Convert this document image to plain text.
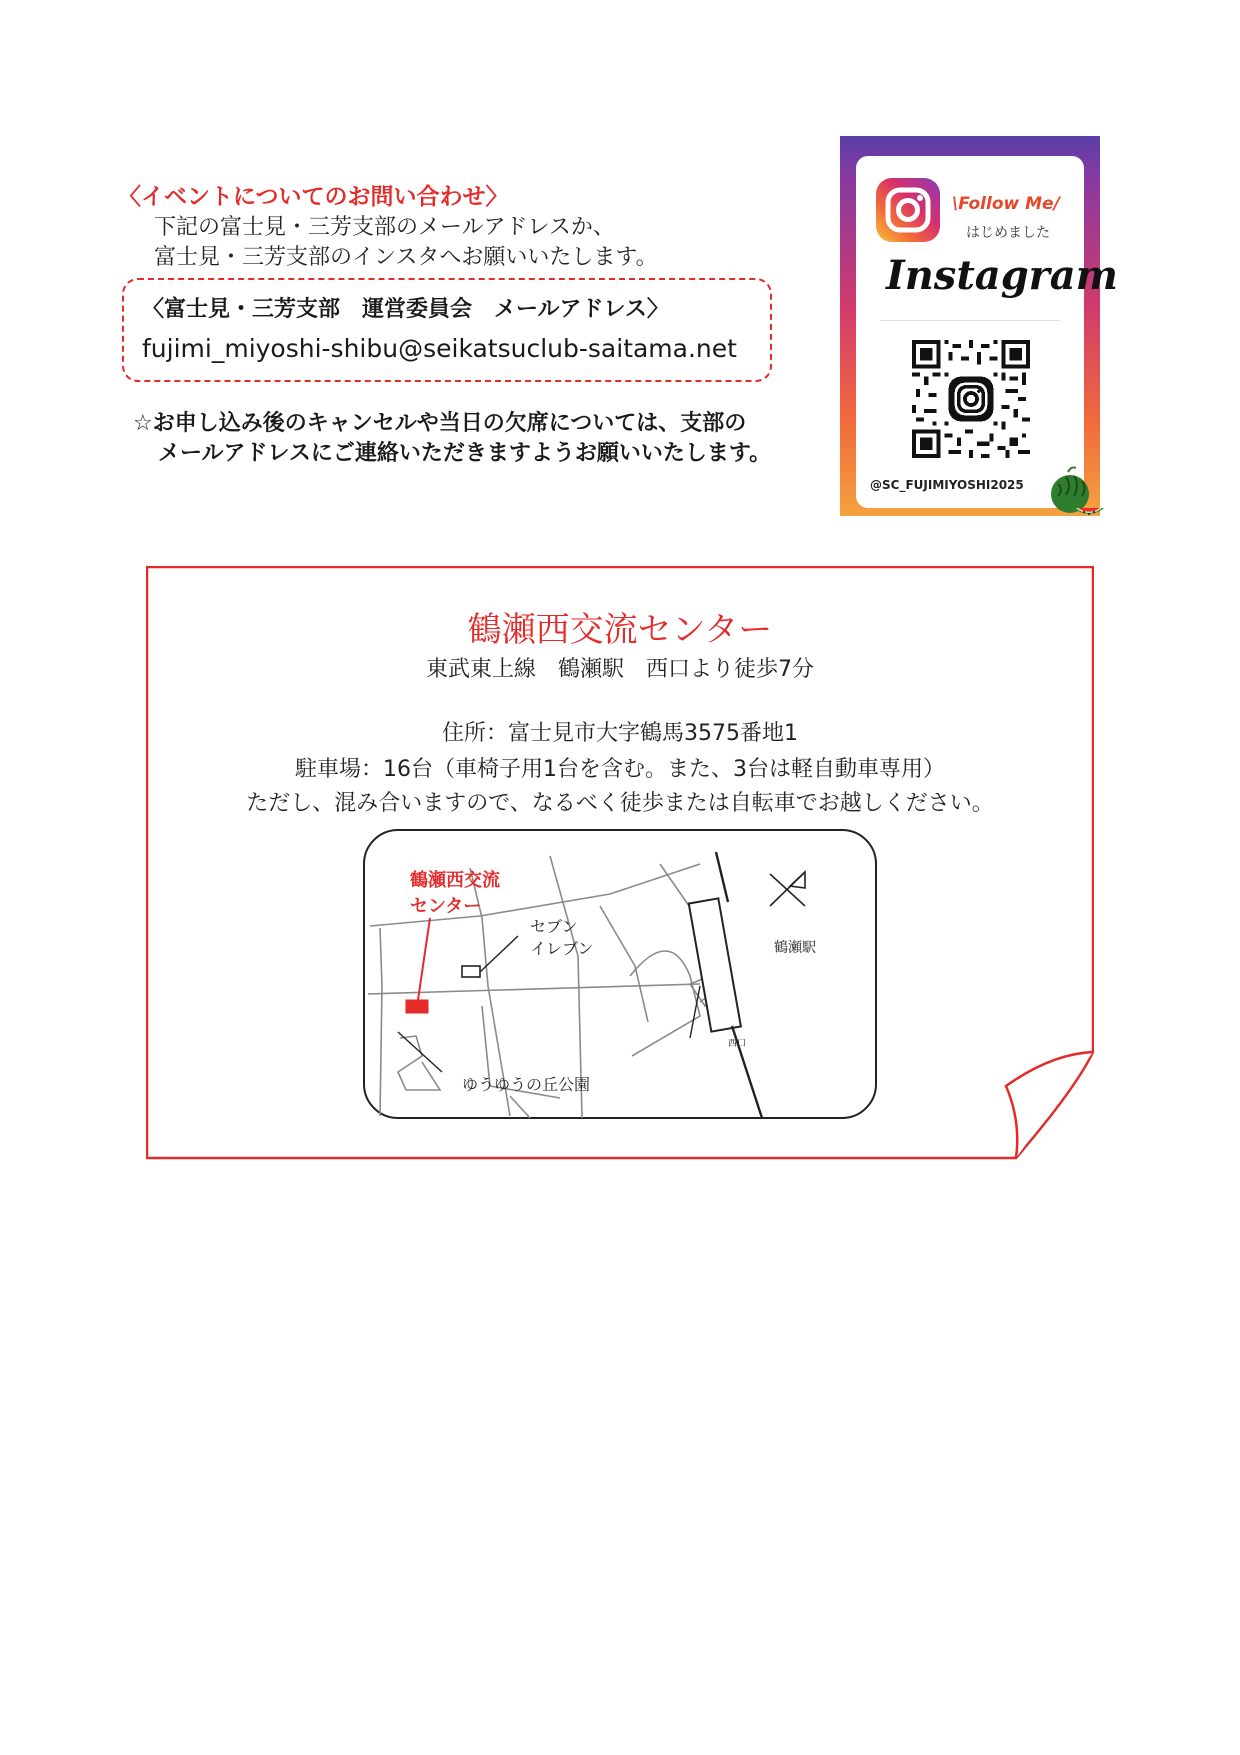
〈イベントについてのお問い合わせ〉
下記の富士見・三芳支部のメールアドレスか、
富士見・三芳支部のインスタへお願いいたします。
〈富士見・三芳支部　運営委員会　メールアドレス〉
fujimi_miyoshi-shibu@seikatsuclub-saitama.net
☆お申し込み後のキャンセルや当日の欠席については、支部の
メールアドレスにご連絡いただきますようお願いいたします。
\Follow Me/
はじめました
Instagram
@SC_FUJIMIYOSHI2025
鶴瀬西交流センター
東武東上線　鶴瀬駅　西口より徒歩7分
住所：富士見市大字鶴馬3575番地1
駐車場：16台（車椅子用1台を含む。また、3台は軽自動車専用）
ただし、混み合いますので、なるべく徒歩または自転車でお越しください。
鶴瀬西交流
センター
セブン
イレブン
ゆうゆうの丘公園
鶴瀬駅
西口
